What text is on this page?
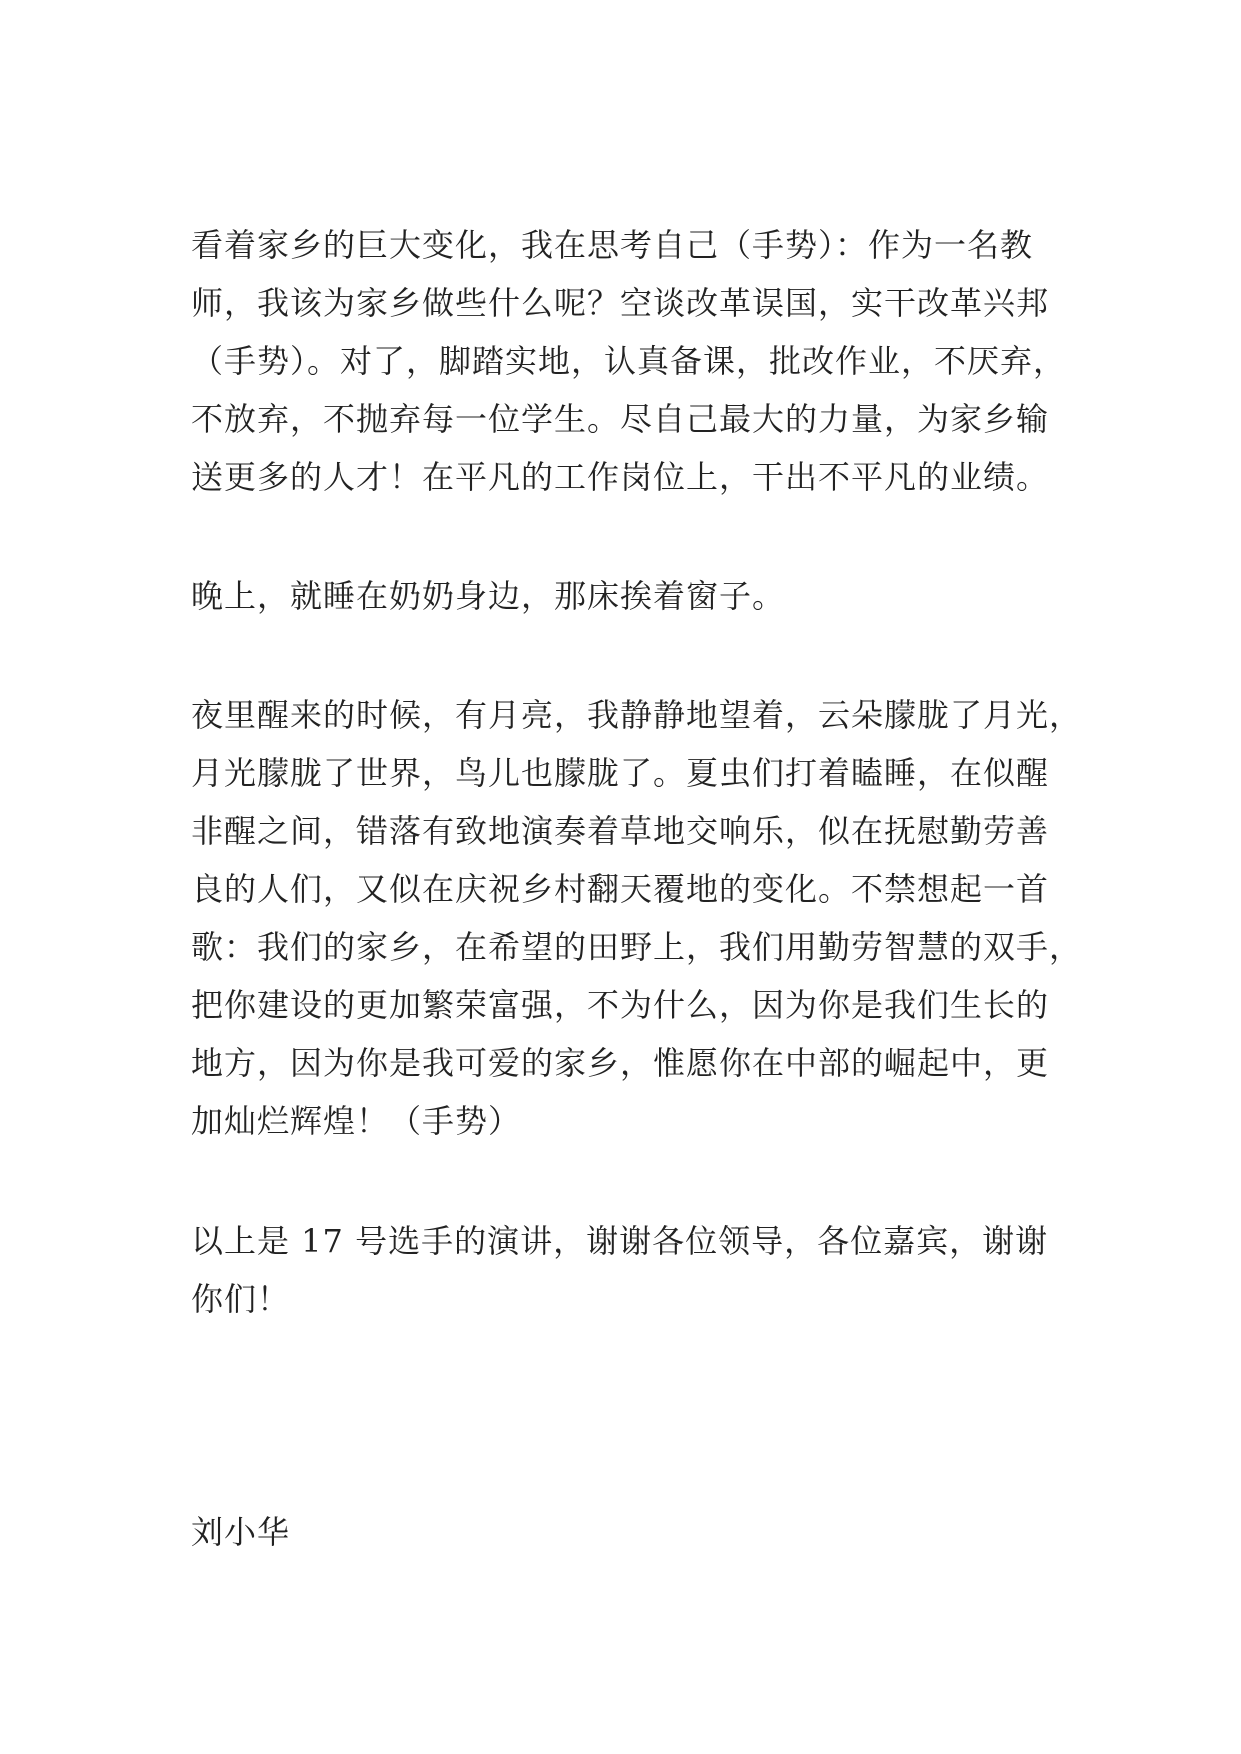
看着家乡的巨大变化，我在思考自己（手势）：作为一名教
师，我该为家乡做些什么呢？空谈改革误国，实干改革兴邦
（手势）。对了，脚踏实地，认真备课，批改作业，不厌弃，
不放弃，不抛弃每一位学生。尽自己最大的力量，为家乡输
送更多的人才！在平凡的工作岗位上，干出不平凡的业绩。
晚上，就睡在奶奶身边，那床挨着窗子。
夜里醒来的时候，有月亮，我静静地望着，云朵朦胧了月光，
月光朦胧了世界，鸟儿也朦胧了。夏虫们打着瞌睡，在似醒
非醒之间，错落有致地演奏着草地交响乐，似在抚慰勤劳善
良的人们，又似在庆祝乡村翻天覆地的变化。不禁想起一首
歌：我们的家乡，在希望的田野上，我们用勤劳智慧的双手，
把你建设的更加繁荣富强，不为什么，因为你是我们生长的
地方，因为你是我可爱的家乡，惟愿你在中部的崛起中，更
加灿烂辉煌！（手势）
以上是 17 号选手的演讲，谢谢各位领导，各位嘉宾，谢谢
你们！
刘小华
